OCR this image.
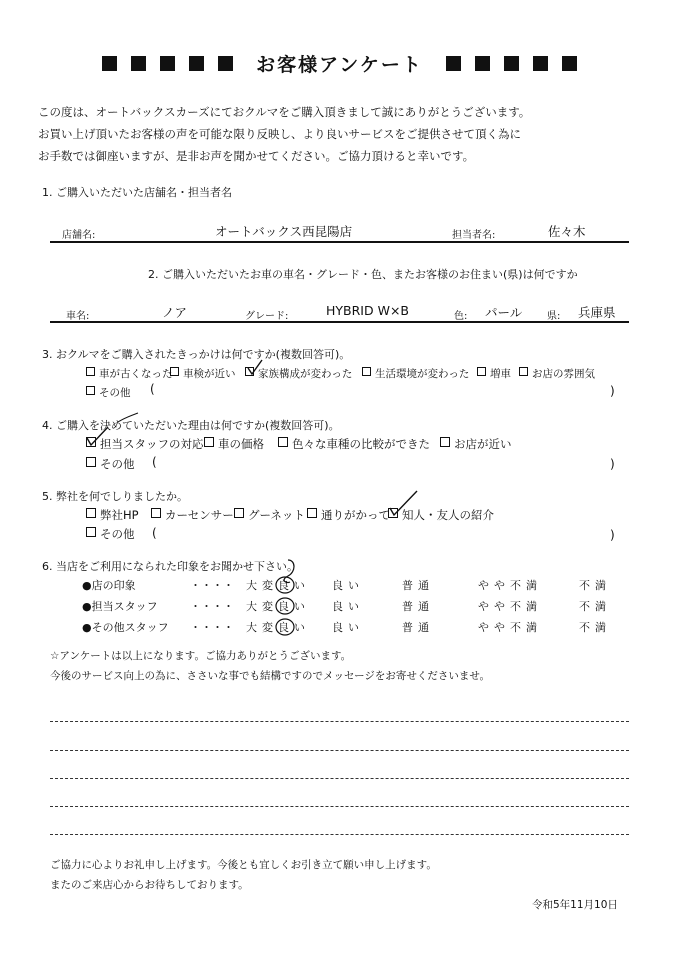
お客様アンケート
この度は、オートバックスカーズにておクルマをご購入頂きまして誠にありがとうございます。
お買い上げ頂いたお客様の声を可能な限り反映し、より良いサービスをご提供させて頂く為に
お手数では御座いますが、是非お声を聞かせてください。ご協力頂けると幸いです。
1. ご購入いただいた店舗名・担当者名
店舗名:	オートバックス西昆陽店	担当者名:	佐々木
2. ご購入いただいたお車の車名・グレード・色、またお客様のお住まい(県)は何ですか
車名:	ノア	グレード:	HYBRID W×B	色: パール 県: 兵庫県
3. おクルマをご購入されたきっかけは何ですか(複数回答可)。
車が古くなった	車検が近い	家族構成が変わった	生活環境が変わった	増車	お店の雰囲気
その他 (	)
4. ご購入を決めていただいた理由は何ですか(複数回答可)。
担当スタッフの対応	車の価格	色々な車種の比較ができた	お店が近い
その他 (	)
5. 弊社を何でしりましたか。
弊社HP	カーセンサー	グーネット	通りがかって	知人・友人の紹介
その他 (	)
6. 当店をご利用になられた印象をお聞かせ下さい。
●店の印象	・・・・ 大変良い 良い	普通	やや不満	不満
●担当スタッフ	・・・・ 大変良い 良い	普通	やや不満	不満
●その他スタッフ ・・・・ 大変良い 良い	普通	やや不満	不満
☆アンケートは以上になります。ご協力ありがとうございます。
今後のサービス向上の為に、ささいな事でも結構ですのでメッセージをお寄せくださいませ。
ご協力に心よりお礼申し上げます。今後とも宜しくお引き立て願い申し上げます。
またのご来店心からお待ちしております。
令和5年11月10日
